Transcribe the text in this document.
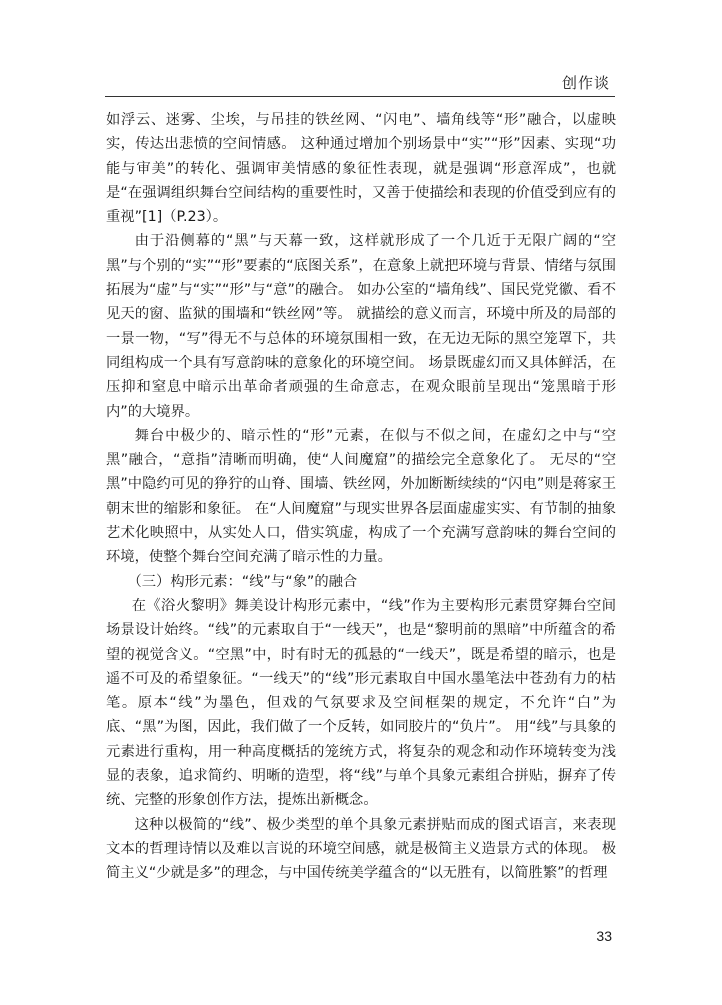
创作谈

如浮云、迷雾、尘埃，与吊挂的铁丝网、“闪电”、墙角线等“形”融合，以虚映实，传达出悲愤的空间情感。 这种通过增加个别场景中“实”“形”因素、实现“功能与审美”的转化、强调审美情感的象征性表现，就是强调“形意浑成”，也就是“在强调组织舞台空间结构的重要性时，又善于使描绘和表现的价值受到应有的重视”[1]（P.23）。

由于沿侧幕的“黑”与天幕一致，这样就形成了一个几近于无限广阔的“空黑”与个别的“实”“形”要素的“底图关系”，在意象上就把环境与背景、情绪与氛围拓展为“虚”与“实”“形”与“意”的融合。 如办公室的“墙角线”、国民党党徽、看不见天的窗、监狱的围墙和“铁丝网”等。 就描绘的意义而言，环境中所及的局部的一景一物，“写”得无不与总体的环境氛围相一致，在无边无际的黑空笼罩下，共同组构成一个具有写意韵味的意象化的环境空间。 场景既虚幻而又具体鲜活，在压抑和窒息中暗示出革命者顽强的生命意志，在观众眼前呈现出“笼黑暗于形内”的大境界。

舞台中极少的、暗示性的“形”元素，在似与不似之间，在虚幻之中与“空黑”融合，“意指”清晰而明确，使“人间魔窟”的描绘完全意象化了。 无尽的“空黑”中隐约可见的狰狞的山脊、围墙、铁丝网，外加断断续续的“闪电”则是蒋家王朝末世的缩影和象征。 在“人间魔窟”与现实世界各层面虚虚实实、有节制的抽象艺术化映照中，从实处人口，借实筑虚，构成了一个充满写意韵味的舞台空间的环境，使整个舞台空间充满了暗示性的力量。

（三）构形元素：“线”与“象”的融合

在《浴火黎明》舞美设计构形元素中，“线”作为主要构形元素贯穿舞台空间场景设计始终。“线”的元素取自于“一线天”，也是“黎明前的黑暗”中所蕴含的希望的视觉含义。“空黑”中，时有时无的孤悬的“一线天”，既是希望的暗示，也是遥不可及的希望象征。“一线天”的“线”形元素取自中国水墨笔法中苍劲有力的枯笔。原本“线”为墨色，但戏的气氛要求及空间框架的规定，不允许“白”为底、“黑”为图，因此，我们做了一个反转，如同胶片的“负片”。 用“线”与具象的元素进行重构，用一种高度概括的笼统方式，将复杂的观念和动作环境转变为浅显的表象，追求简约、明晰的造型，将“线”与单个具象元素组合拼贴，摒弃了传统、完整的形象创作方法，提炼出新概念。

这种以极简的“线”、极少类型的单个具象元素拼贴而成的图式语言，来表现文本的哲理诗情以及难以言说的环境空间感，就是极简主义造景方式的体现。 极简主义“少就是多”的理念，与中国传统美学蕴含的“以无胜有，以简胜繁”的哲理

33
